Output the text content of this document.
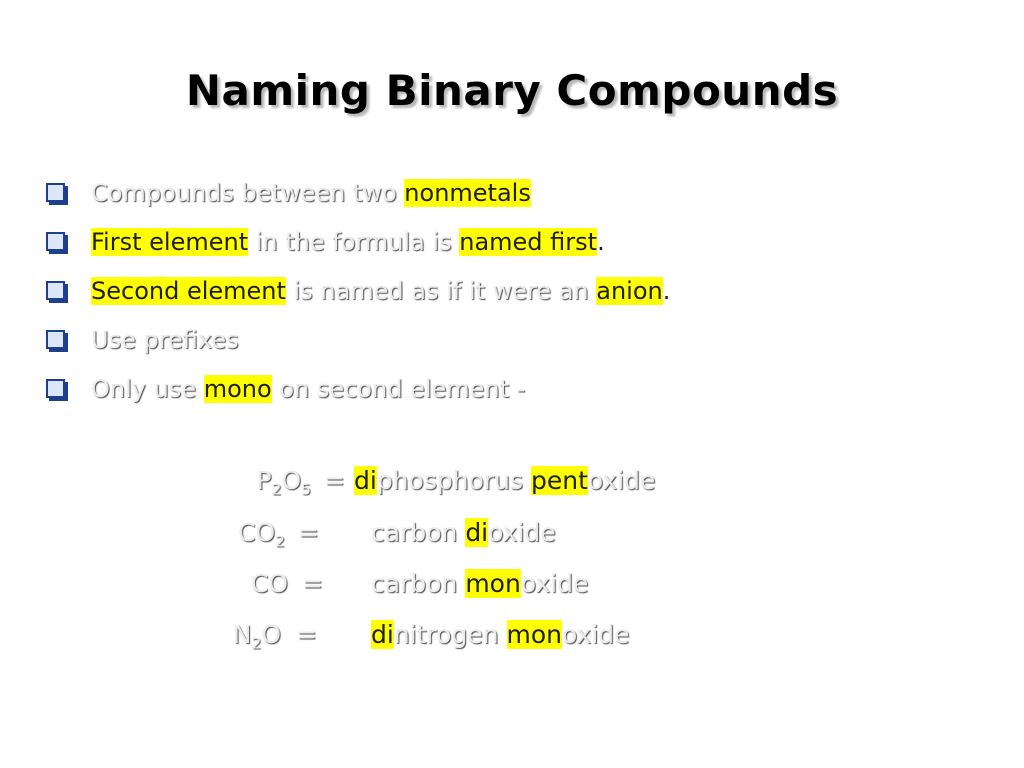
Naming Binary Compounds
Compounds between two nonmetals
First element in the formula is named first.
Second element is named as if it were an anion.
Use prefixes
Only use mono on second element -
$P_2O_5$ = diphosphorus pentoxide
$CO_2$ = carbon dioxide
CO = carbon monoxide
$N_2O$ = dinitrogen monoxide
